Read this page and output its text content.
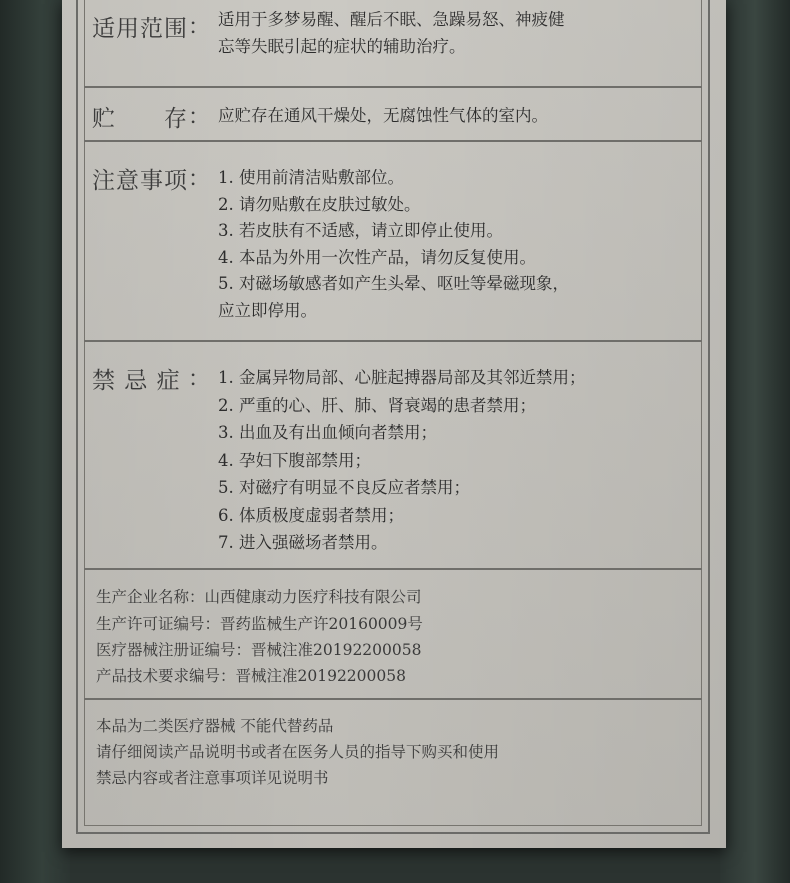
适用范围 ： 适用于多梦易醒、醒后不眠、急躁易怒、神疲健
忘等失眠引起的症状的辅助治疗。
贮 存 ： 应贮存在通风干燥处，无腐蚀性气体的室内。
注意事项 ： 1. 使用前清洁贴敷部位。
2. 请勿贴敷在皮肤过敏处。
3. 若皮肤有不适感，请立即停止使用。
4. 本品为外用一次性产品，请勿反复使用。
5. 对磁场敏感者如产生头晕、呕吐等晕磁现象，
应立即停用。
禁 忌 症 ： 1. 金属异物局部、心脏起搏器局部及其邻近禁用；
2. 严重的心、肝、肺、肾衰竭的患者禁用；
3. 出血及有出血倾向者禁用；
4. 孕妇下腹部禁用；
5. 对磁疗有明显不良反应者禁用；
6. 体质极度虚弱者禁用；
7. 进入强磁场者禁用。
生产企业名称：山西健康动力医疗科技有限公司
生产许可证编号：晋药监械生产许20160009号
医疗器械注册证编号：晋械注准20192200058
产品技术要求编号：晋械注准20192200058
本品为二类医疗器械 不能代替药品
请仔细阅读产品说明书或者在医务人员的指导下购买和使用
禁忌内容或者注意事项详见说明书
